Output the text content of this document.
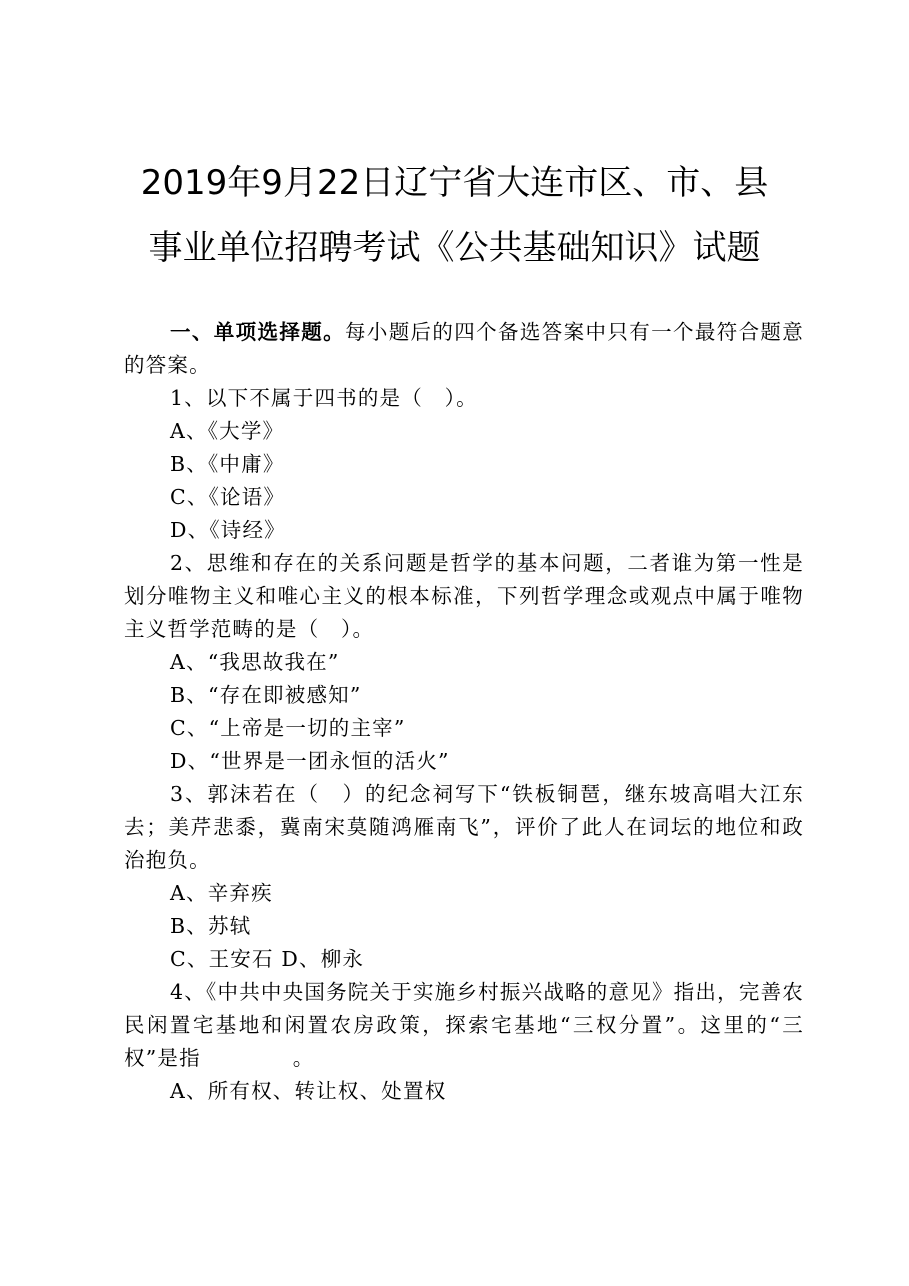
2019年9月22日辽宁省大连市区、市、县
事业单位招聘考试《公共基础知识》试题

一、单项选择题。每小题后的四个备选答案中只有一个最符合题意的答案。

1、以下不属于四书的是（　）。

A、《大学》

B、《中庸》

C、《论语》

D、《诗经》

2、思维和存在的关系问题是哲学的基本问题，二者谁为第一性是划分唯物主义和唯心主义的根本标准，下列哲学理念或观点中属于唯物主义哲学范畴的是（　）。

A、“我思故我在”

B、“存在即被感知”

C、“上帝是一切的主宰”

D、“世界是一团永恒的活火”

3、郭沫若在（　）的纪念祠写下“铁板铜琶，继东坡高唱大江东去；美芹悲黍，冀南宋莫随鸿雁南飞”，评价了此人在词坛的地位和政治抱负。

A、辛弃疾

B、苏轼

C、王安石 D、柳永

4、《中共中央国务院关于实施乡村振兴战略的意见》指出，完善农民闲置宅基地和闲置农房政策，探索宅基地“三权分置”。这里的“三权”是指	。

A、所有权、转让权、处置权
